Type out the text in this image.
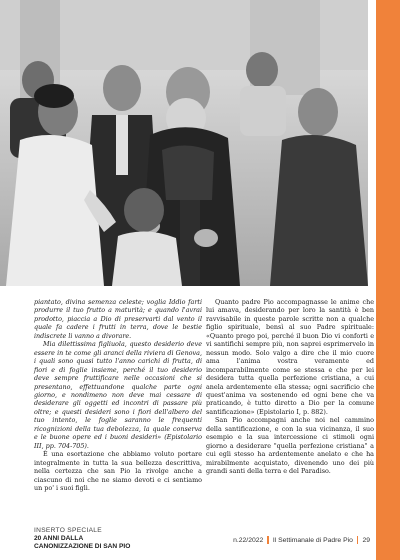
piantato, divina semenza celeste; voglia Iddio farti produrre il tuo frutto a maturità; e quando l'avrai prodotto, piaccia a Dio di preservarti dal vento il quale fa cadere i frutti in terra, dove le bestie indiscrete li vanno a divorare.

Mia dilettissima figliuola, questo desiderio deve essere in te come gli aranci della riviera di Genova, i quali sono quasi tutto l'anno carichi di frutta, di fiori e di foglie insieme, perché il tuo desiderio deve sempre fruttificare nelle occasioni che si presentano, effettuandone qualche parte ogni giorno, e nondimeno non deve mai cessare di desiderare gli oggetti ed incontri di passare più oltre; e questi desideri sono i fiori dell'albero del tuo intento, le foglie saranno le frequenti ricognizioni della tua debolezza, la quale conserva e le buone opere ed i buoni desideri» (Epistolario III, pp. 704-705).

È una esortazione che abbiamo voluto portare integralmente in tutta la sua bellezza descrittiva, nella certezza che san Pio la rivolge anche a ciascuno di noi che ne siamo devoti e ci sentiamo un po' i suoi figli.

Quanto padre Pio accompagnasse le anime che lui amava, desiderando per loro la santità è ben ravvisabile in queste parole scritte non a qualche figlio spirituale, bensì al suo Padre spirituale: «Quanto prego poi, perché il buon Dio vi conforti e vi santifichi sempre più, non saprei esprimervelo in nessun modo. Solo valgo a dire che il mio cuore ama l'anima vostra veramente ed incomparabilmente come se stessa e che per lei desidera tutta quella perfezione cristiana, a cui anela ardentemente ella stessa; ogni sacrificio che quest'anima va sostenendo ed ogni bene che va praticando, è tutto diretto a Dio per la comune santificazione» (Epistolario I, p. 882).

San Pio accompagni anche noi nel cammino della santificazione, e con la sua vicinanza, il suo esempio e la sua intercessione ci stimoli ogni giorno a desiderare "quella perfezione cristiana" a cui egli stesso ha ardentemente anelato e che ha mirabilmente acquistato, divenendo uno dei più grandi santi della terra e del Paradiso.

INSERTO SPECIALE
20 ANNI DALLA
CANONIZZAZIONE DI SAN PIO
n.22/2022 Il Settimanale di Padre Pio 29
